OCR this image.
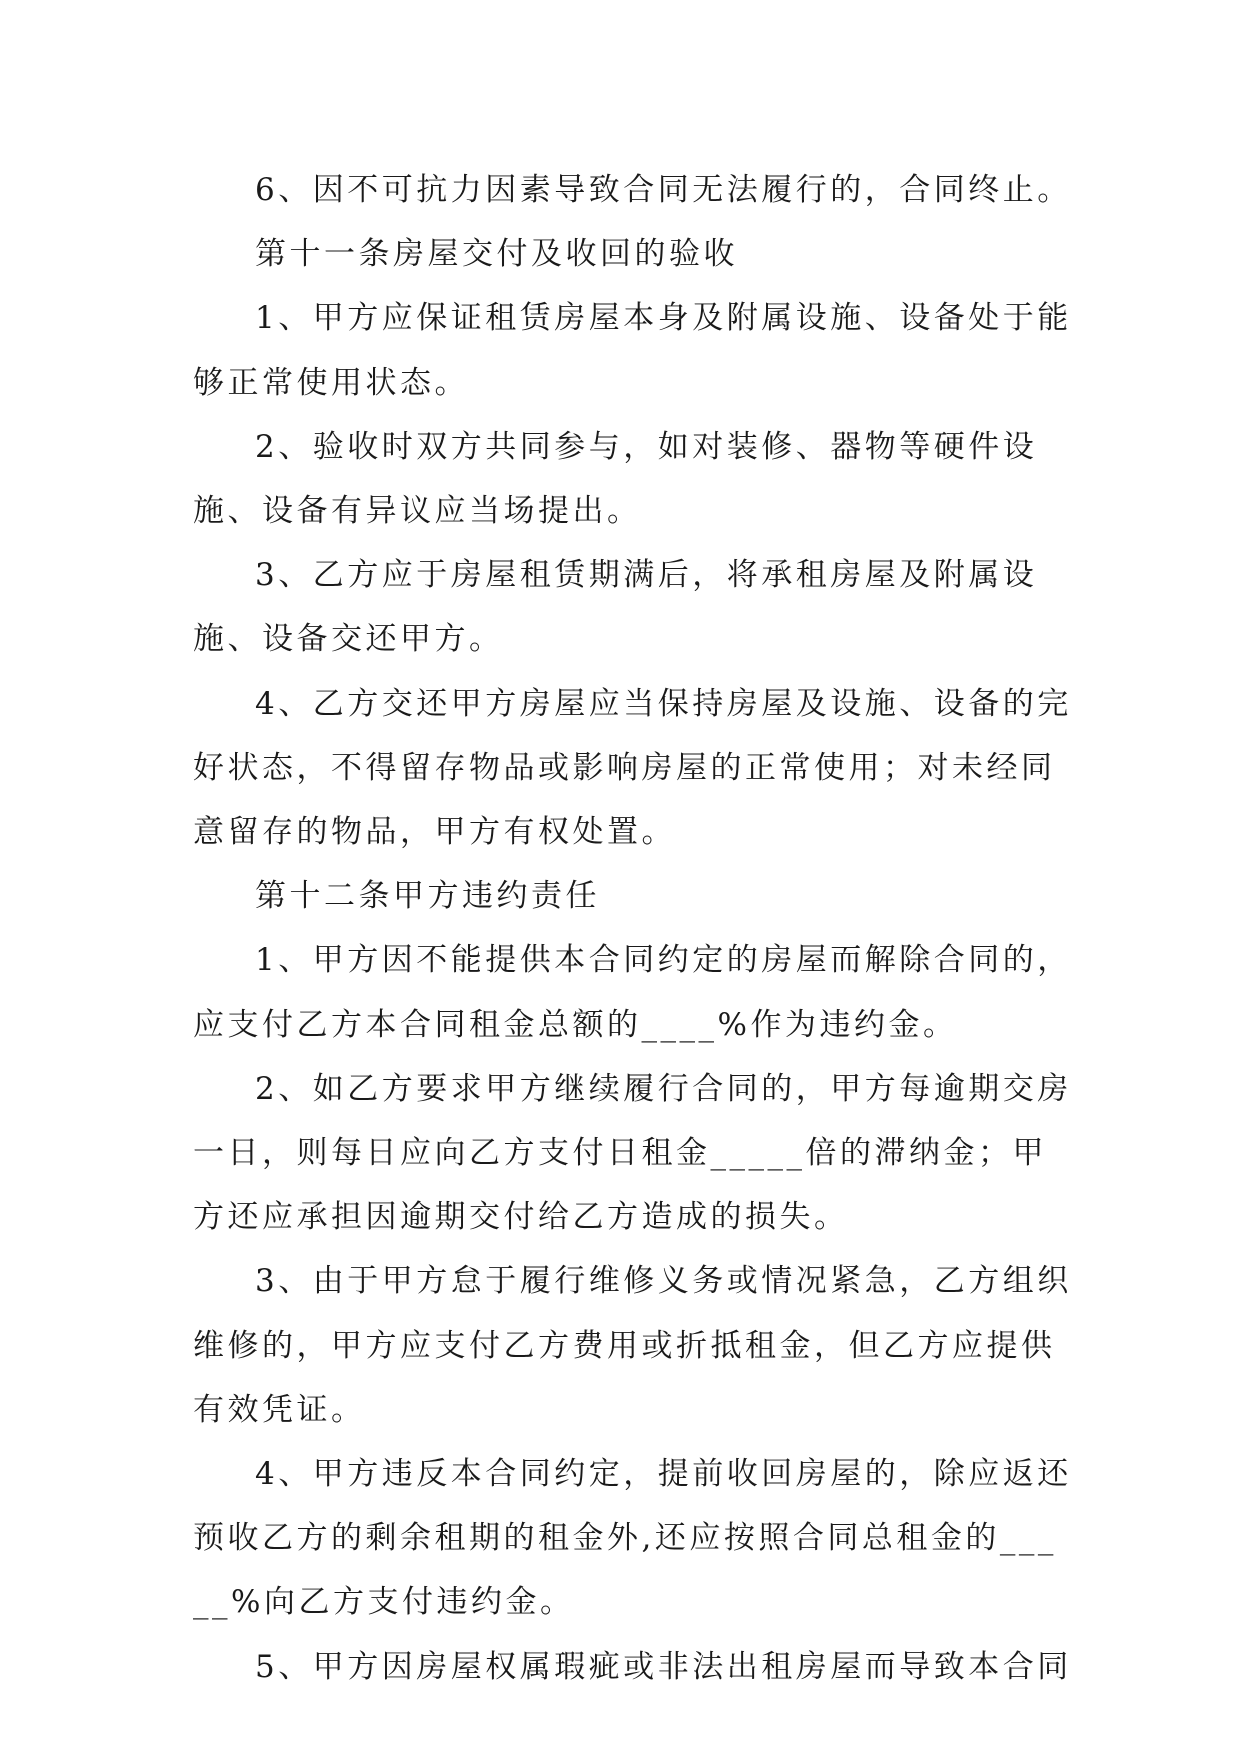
6、因不可抗力因素导致合同无法履行的，合同终止。

第十一条房屋交付及收回的验收

1、甲方应保证租赁房屋本身及附属设施、设备处于能够正常使用状态。

2、验收时双方共同参与，如对装修、器物等硬件设施、设备有异议应当场提出。

3、乙方应于房屋租赁期满后，将承租房屋及附属设施、设备交还甲方。

4、乙方交还甲方房屋应当保持房屋及设施、设备的完好状态，不得留存物品或影响房屋的正常使用；对未经同意留存的物品，甲方有权处置。

第十二条甲方违约责任

1、甲方因不能提供本合同约定的房屋而解除合同的，应支付乙方本合同租金总额的____%作为违约金。

2、如乙方要求甲方继续履行合同的，甲方每逾期交房一日，则每日应向乙方支付日租金_____倍的滞纳金；甲方还应承担因逾期交付给乙方造成的损失。

3、由于甲方怠于履行维修义务或情况紧急，乙方组织维修的，甲方应支付乙方费用或折抵租金，但乙方应提供有效凭证。

4、甲方违反本合同约定，提前收回房屋的，除应返还预收乙方的剩余租期的租金外,还应按照合同总租金的_____%向乙方支付违约金。

5、甲方因房屋权属瑕疵或非法出租房屋而导致本合同
